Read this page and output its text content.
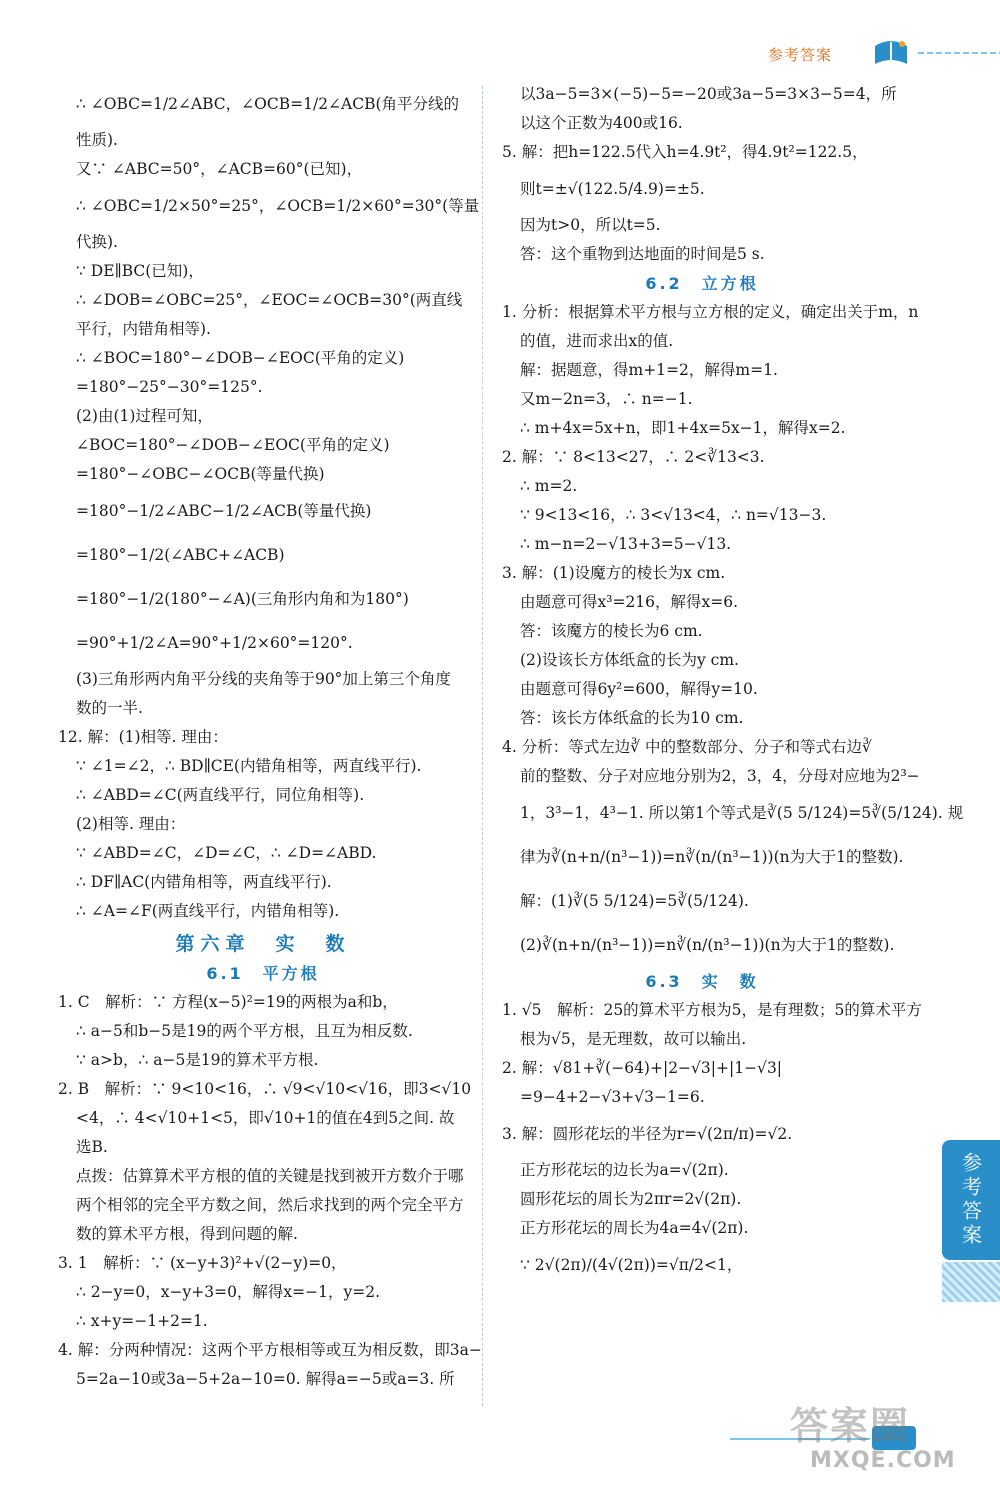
参考答案
∴ ∠OBC=1/2∠ABC，∠OCB=1/2∠ACB(角平分线的
性质).
又∵ ∠ABC=50°，∠ACB=60°(已知)，
∴ ∠OBC=1/2×50°=25°，∠OCB=1/2×60°=30°(等量
代换).
∵ DE∥BC(已知)，
∴ ∠DOB=∠OBC=25°，∠EOC=∠OCB=30°(两直线
平行，内错角相等).
∴ ∠BOC=180°−∠DOB−∠EOC(平角的定义)
=180°−25°−30°=125°.
(2)由(1)过程可知，
∠BOC=180°−∠DOB−∠EOC(平角的定义)
=180°−∠OBC−∠OCB(等量代换)
=180°−1/2∠ABC−1/2∠ACB(等量代换)
=180°−1/2(∠ABC+∠ACB)
=180°−1/2(180°−∠A)(三角形内角和为180°)
=90°+1/2∠A=90°+1/2×60°=120°.
(3)三角形两内角平分线的夹角等于90°加上第三个角度
数的一半.
12. 解：(1)相等. 理由：
∵ ∠1=∠2，∴ BD∥CE(内错角相等，两直线平行).
∴ ∠ABD=∠C(两直线平行，同位角相等).
(2)相等. 理由：
∵ ∠ABD=∠C，∠D=∠C，∴ ∠D=∠ABD.
∴ DF∥AC(内错角相等，两直线平行).
∴ ∠A=∠F(两直线平行，内错角相等).
第六章　实　数
6.1　平方根
1. C　解析：∵ 方程(x−5)²=19的两根为a和b，
∴ a−5和b−5是19的两个平方根，且互为相反数.
∵ a>b，∴ a−5是19的算术平方根.
2. B　解析：∵ 9<10<16，∴ √9<√10<√16，即3<√10
<4，∴ 4<√10+1<5，即√10+1的值在4到5之间. 故
选B.
点拨：估算算术平方根的值的关键是找到被开方数介于哪
两个相邻的完全平方数之间，然后求找到的两个完全平方
数的算术平方根，得到问题的解.
3. 1　解析：∵ (x−y+3)²+√(2−y)=0，
∴ 2−y=0，x−y+3=0，解得x=−1，y=2.
∴ x+y=−1+2=1.
4. 解：分两种情况：这两个平方根相等或互为相反数，即3a−
5=2a−10或3a−5+2a−10=0. 解得a=−5或a=3. 所
以3a−5=3×(−5)−5=−20或3a−5=3×3−5=4，所
以这个正数为400或16.
5. 解：把h=122.5代入h=4.9t²，得4.9t²=122.5，
则t=±√(122.5/4.9)=±5.
因为t>0，所以t=5.
答：这个重物到达地面的时间是5 s.
6.2　立方根
1. 分析：根据算术平方根与立方根的定义，确定出关于m，n
的值，进而求出x的值.
解：据题意，得m+1=2，解得m=1.
又m−2n=3，∴ n=−1.
∴ m+4x=5x+n，即1+4x=5x−1，解得x=2.
2. 解：∵ 8<13<27，∴ 2<∛13<3.
∴ m=2.
∵ 9<13<16，∴ 3<√13<4，∴ n=√13−3.
∴ m−n=2−√13+3=5−√13.
3. 解：(1)设魔方的棱长为x cm.
由题意可得x³=216，解得x=6.
答：该魔方的棱长为6 cm.
(2)设该长方体纸盒的长为y cm.
由题意可得6y²=600，解得y=10.
答：该长方体纸盒的长为10 cm.
4. 分析：等式左边∛ 中的整数部分、分子和等式右边∛
前的整数、分子对应地分别为2，3，4，分母对应地为2³−
1，3³−1，4³−1. 所以第1个等式是∛(5 5/124)=5∛(5/124). 规
律为∛(n+n/(n³−1))=n∛(n/(n³−1))(n为大于1的整数).
解：(1)∛(5 5/124)=5∛(5/124).
(2)∛(n+n/(n³−1))=n∛(n/(n³−1))(n为大于1的整数).
6.3　实　数
1. √5　解析：25的算术平方根为5，是有理数；5的算术平方
根为√5，是无理数，故可以输出.
2. 解：√81+∛(−64)+|2−√3|+|1−√3|
=9−4+2−√3+√3−1=6.
3. 解：圆形花坛的半径为r=√(2π/π)=√2.
正方形花坛的边长为a=√(2π).
圆形花坛的周长为2πr=2√(2π).
正方形花坛的周长为4a=4√(2π).
∵ 2√(2π)/(4√(2π))=√π/2<1，
参考答案
答案圈
MXQE.COM
